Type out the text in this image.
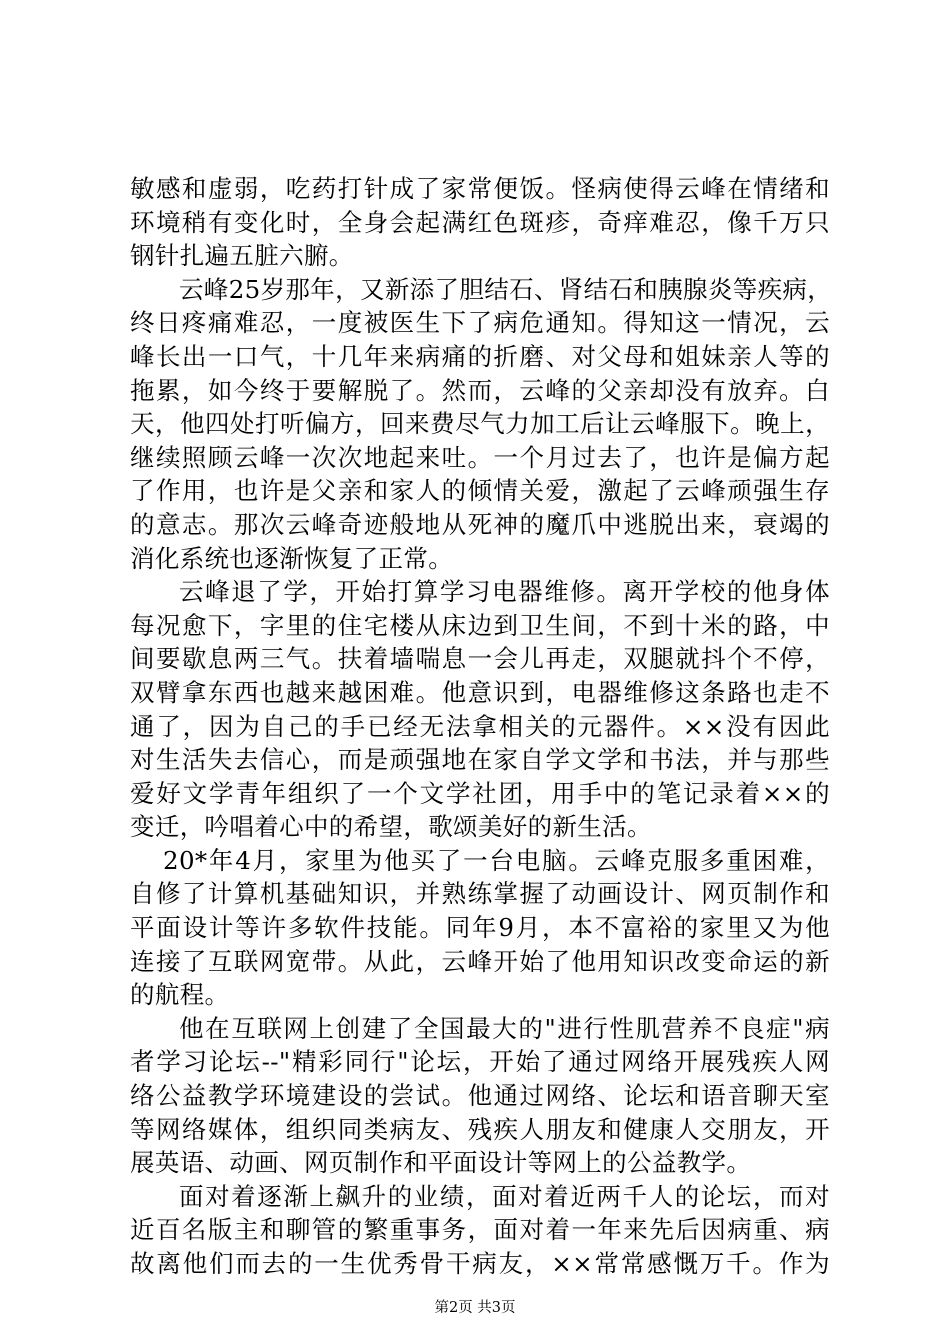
敏感和虚弱，吃药打针成了家常便饭。怪病使得云峰在情绪和
环境稍有变化时，全身会起满红色斑疹，奇痒难忍，像千万只
钢针扎遍五脏六腑。
云峰25岁那年，又新添了胆结石、肾结石和胰腺炎等疾病，
终日疼痛难忍，一度被医生下了病危通知。得知这一情况，云
峰长出一口气，十几年来病痛的折磨、对父母和姐妹亲人等的
拖累，如今终于要解脱了。然而，云峰的父亲却没有放弃。白
天，他四处打听偏方，回来费尽气力加工后让云峰服下。晚上，
继续照顾云峰一次次地起来吐。一个月过去了，也许是偏方起
了作用，也许是父亲和家人的倾情关爱，激起了云峰顽强生存
的意志。那次云峰奇迹般地从死神的魔爪中逃脱出来，衰竭的
消化系统也逐渐恢复了正常。
云峰退了学，开始打算学习电器维修。离开学校的他身体
每况愈下，字里的住宅楼从床边到卫生间，不到十米的路，中
间要歇息两三气。扶着墙喘息一会儿再走，双腿就抖个不停，
双臂拿东西也越来越困难。他意识到，电器维修这条路也走不
通了，因为自己的手已经无法拿相关的元器件。××没有因此
对生活失去信心，而是顽强地在家自学文学和书法，并与那些
爱好文学青年组织了一个文学社团，用手中的笔记录着××的
变迁，吟唱着心中的希望，歌颂美好的新生活。
20*年4月，家里为他买了一台电脑。云峰克服多重困难，
自修了计算机基础知识，并熟练掌握了动画设计、网页制作和
平面设计等许多软件技能。同年9月，本不富裕的家里又为他
连接了互联网宽带。从此，云峰开始了他用知识改变命运的新
的航程。
他在互联网上创建了全国最大的"进行性肌营养不良症"病
者学习论坛--"精彩同行"论坛，开始了通过网络开展残疾人网
络公益教学环境建设的尝试。他通过网络、论坛和语音聊天室
等网络媒体，组织同类病友、残疾人朋友和健康人交朋友，开
展英语、动画、网页制作和平面设计等网上的公益教学。
面对着逐渐上飙升的业绩，面对着近两千人的论坛，而对
近百名版主和聊管的繁重事务，面对着一年来先后因病重、病
故离他们而去的一生优秀骨干病友，××常常感慨万千。作为
第2页 共3页
